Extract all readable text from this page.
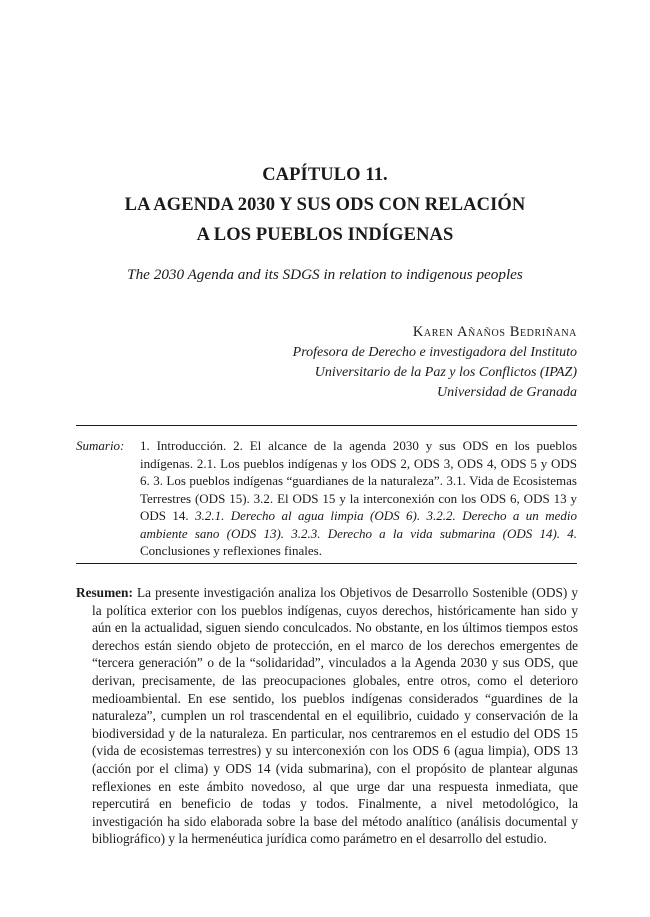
CAPÍTULO 11.
LA AGENDA 2030 Y SUS ODS CON RELACIÓN
A LOS PUEBLOS INDÍGENAS
The 2030 Agenda and its SDGS in relation to indigenous peoples
Karen Añaños Bedriñana
Profesora de Derecho e investigadora del Instituto
Universitario de la Paz y los Conflictos (IPAZ)
Universidad de Granada
Sumario: 1. Introducción. 2. El alcance de la agenda 2030 y sus ODS en los pueblos indígenas. 2.1. Los pueblos indígenas y los ODS 2, ODS 3, ODS 4, ODS 5 y ODS 6. 3. Los pueblos indígenas “guardianes de la naturaleza”. 3.1. Vida de Ecosistemas Terrestres (ODS 15). 3.2. El ODS 15 y la interconexión con los ODS 6, ODS 13 y ODS 14. 3.2.1. Derecho al agua limpia (ODS 6). 3.2.2. Derecho a un medio ambiente sano (ODS 13). 3.2.3. Derecho a la vida submarina (ODS 14). 4. Conclusiones y reflexiones finales.

Resumen: La presente investigación analiza los Objetivos de Desarrollo Sostenible (ODS) y la política exterior con los pueblos indígenas, cuyos derechos, históricamente han sido y aún en la actualidad, siguen siendo conculcados. No obstante, en los últimos tiempos estos derechos están siendo objeto de protección, en el marco de los derechos emergentes de “tercera generación” o de la “solidaridad”, vinculados a la Agenda 2030 y sus ODS, que derivan, precisamente, de las preocupaciones globales, entre otros, como el deterioro medioambiental. En ese sentido, los pueblos indígenas considerados “guardines de la naturaleza”, cumplen un rol trascendental en el equilibrio, cuidado y conservación de la biodiversidad y de la naturaleza. En particular, nos centraremos en el estudio del ODS 15 (vida de ecosistemas terrestres) y su interconexión con los ODS 6 (agua limpia), ODS 13 (acción por el clima) y ODS 14 (vida submarina), con el propósito de plantear algunas reflexiones en este ámbito novedoso, al que urge dar una respuesta inmediata, que repercutirá en beneficio de todas y todos. Finalmente, a nivel metodológico, la investigación ha sido elaborada sobre la base del método analítico (análisis documental y bibliográfico) y la hermenéutica jurídica como parámetro en el desarrollo del estudio.
